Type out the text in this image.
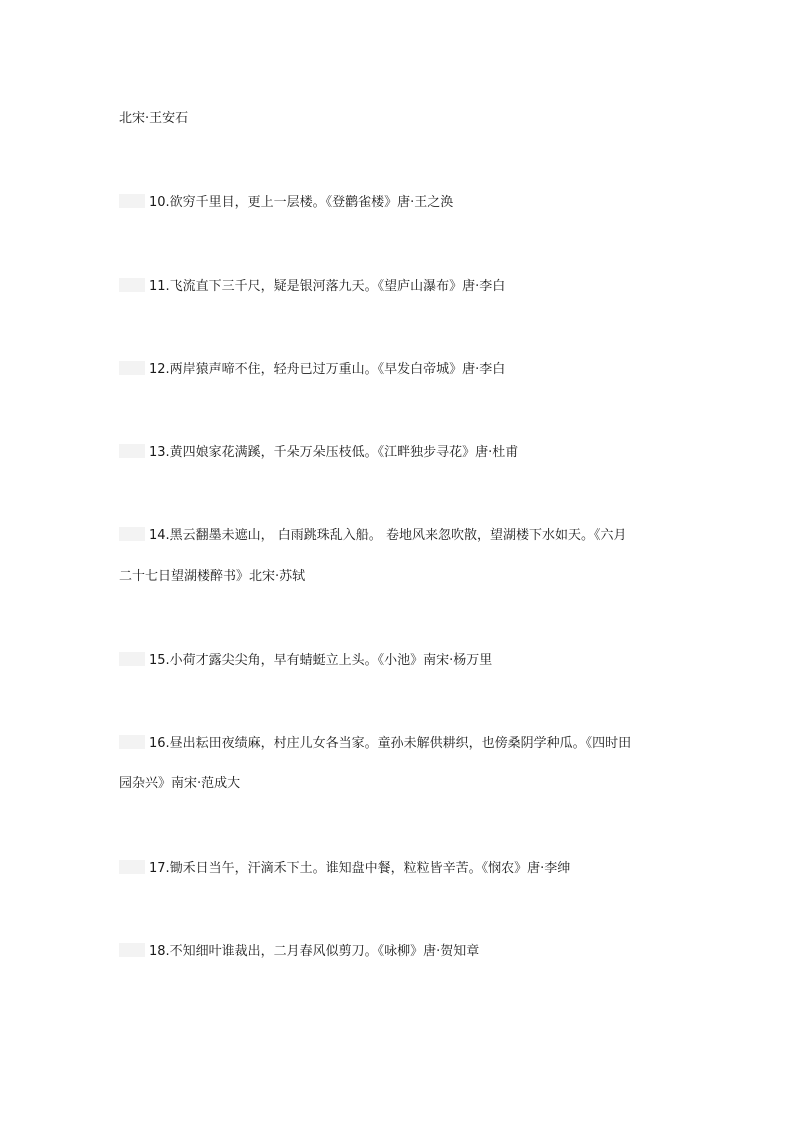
北宋·王安石
10.欲穷千里目，更上一层楼。《登鹳雀楼》唐·王之涣
11.飞流直下三千尺，疑是银河落九天。《望庐山瀑布》唐·李白
12.两岸猿声啼不住，轻舟已过万重山。《早发白帝城》唐·李白
13.黄四娘家花满蹊，千朵万朵压枝低。《江畔独步寻花》唐·杜甫
14.黑云翻墨未遮山， 白雨跳珠乱入船。 卷地风来忽吹散，望湖楼下水如天。《六月
二十七日望湖楼醉书》北宋·苏轼
15.小荷才露尖尖角，早有蜻蜓立上头。《小池》南宋·杨万里
16.昼出耘田夜绩麻，村庄儿女各当家。童孙未解供耕织，也傍桑阴学种瓜。《四时田
园杂兴》南宋·范成大
17.锄禾日当午，汗滴禾下土。谁知盘中餐，粒粒皆辛苦。《悯农》唐·李绅
18.不知细叶谁裁出，二月春风似剪刀。《咏柳》唐·贺知章
